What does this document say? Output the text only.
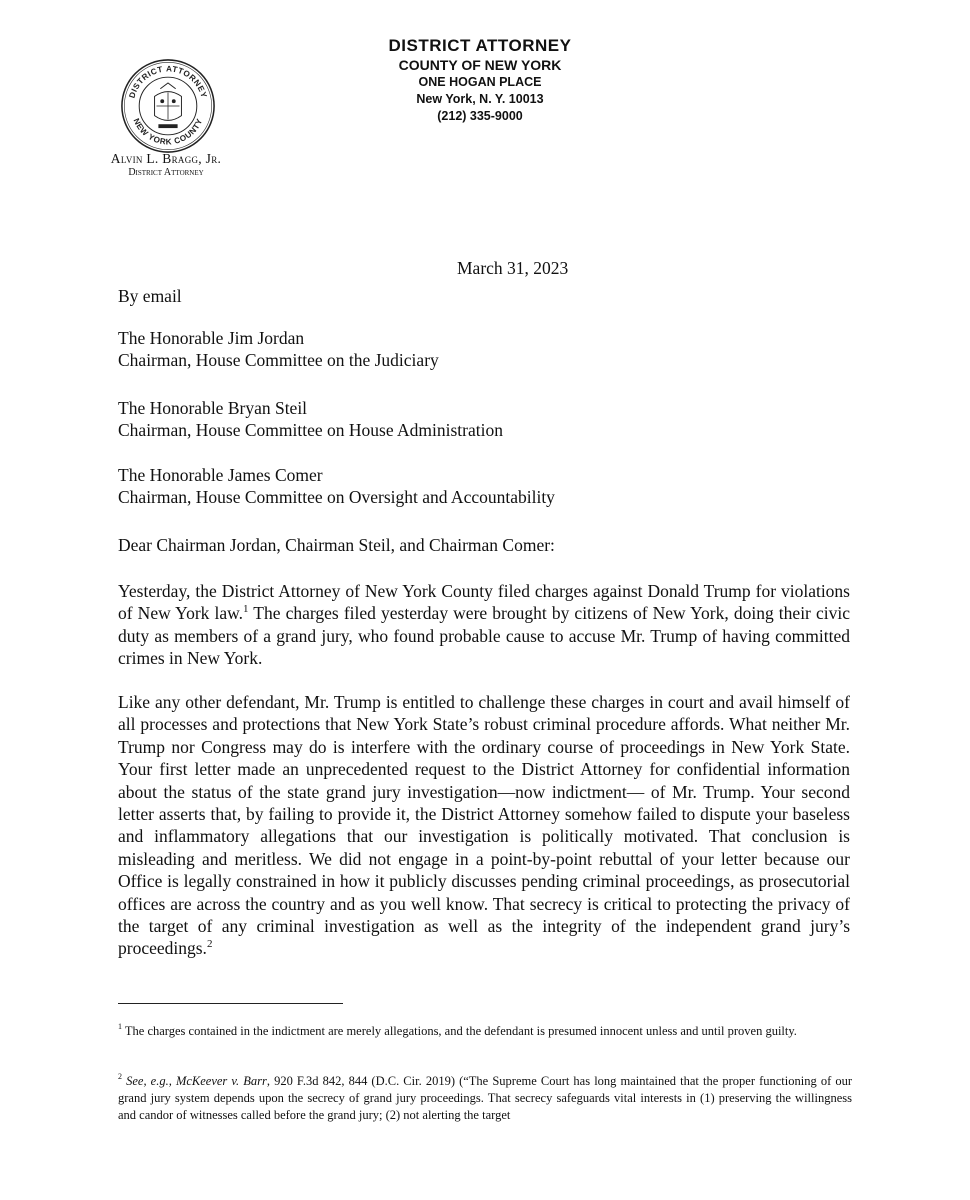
DISTRICT ATTORNEY
NEW YORK COUNTY
DISTRICT ATTORNEY
COUNTY OF NEW YORK
ONE HOGAN PLACE
New York, N. Y. 10013
(212) 335-9000
Alvin L. Bragg, Jr.
District Attorney
March 31, 2023
By email
The Honorable Jim Jordan
Chairman, House Committee on the Judiciary
The Honorable Bryan Steil
Chairman, House Committee on House Administration
The Honorable James Comer
Chairman, House Committee on Oversight and Accountability
Dear Chairman Jordan, Chairman Steil, and Chairman Comer:

Yesterday, the District Attorney of New York County filed charges against Donald Trump for violations of New York law.$^1$ The charges filed yesterday were brought by citizens of New York, doing their civic duty as members of a grand jury, who found probable cause to accuse Mr. Trump of having committed crimes in New York.

Like any other defendant, Mr. Trump is entitled to challenge these charges in court and avail himself of all processes and protections that New York State’s robust criminal procedure affords. What neither Mr. Trump nor Congress may do is interfere with the ordinary course of proceedings in New York State. Your first letter made an unprecedented request to the District Attorney for confidential information about the status of the state grand jury investigation—now indictment— of Mr. Trump. Your second letter asserts that, by failing to provide it, the District Attorney somehow failed to dispute your baseless and inflammatory allegations that our investigation is politically motivated. That conclusion is misleading and meritless. We did not engage in a point-by-point rebuttal of your letter because our Office is legally constrained in how it publicly discusses pending criminal proceedings, as prosecutorial offices are across the country and as you well know. That secrecy is critical to protecting the privacy of the target of any criminal investigation as well as the integrity of the independent grand jury’s proceedings.$^2$

$^1$ The charges contained in the indictment are merely allegations, and the defendant is presumed innocent unless and until proven guilty.
$^2$ See, e.g., McKeever v. Barr, 920 F.3d 842, 844 (D.C. Cir. 2019) (“The Supreme Court has long maintained that the proper functioning of our grand jury system depends upon the secrecy of grand jury proceedings. That secrecy safeguards vital interests in (1) preserving the willingness and candor of witnesses called before the grand jury; (2) not alerting the target
